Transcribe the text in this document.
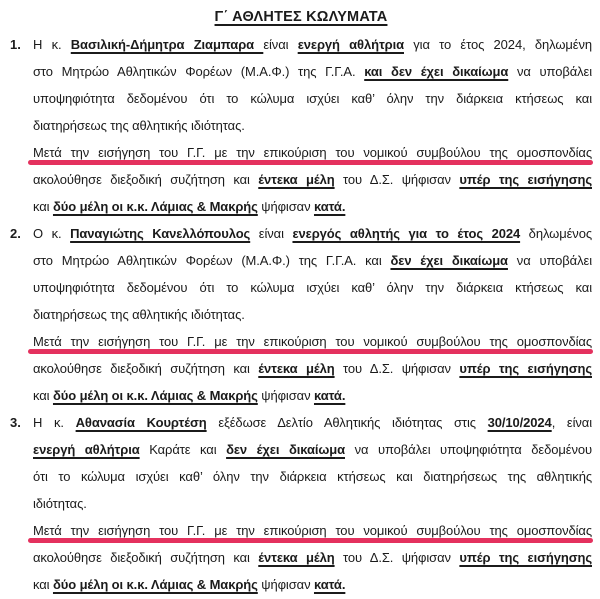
Γ΄ ΑΘΛΗΤΕΣ ΚΩΛΥΜΑΤΑ
1. Η κ. Βασιλική-Δήμητρα Ζιαμπαρα είναι ενεργή αθλήτρια για το έτος 2024, δηλωμένη
στο Μητρώο Αθλητικών Φορέων (Μ.Α.Φ.) της Γ.Γ.Α. και δεν έχει δικαίωμα να υποβάλει
υποψηφιότητα δεδομένου ότι το κώλυμα ισχύει καθ’ όλην την διάρκεια κτήσεως και
διατηρήσεως της αθλητικής ιδιότητας.
Μετά την εισήγηση του Γ.Γ. με την επικούριση του νομικού συμβούλου της ομοσπονδίας
ακολούθησε διεξοδική συζήτηση και έντεκα μέλη του Δ.Σ. ψήφισαν υπέρ της εισήγησης
και δύο μέλη οι κ.κ. Λάμιας & Μακρής ψήφισαν κατά.
2. Ο κ. Παναγιώτης Κανελλόπουλος είναι ενεργός αθλητής για το έτος 2024 δηλωμένος
στο Μητρώο Αθλητικών Φορέων (Μ.Α.Φ.) της Γ.Γ.Α. και δεν έχει δικαίωμα να υποβάλει
υποψηφιότητα δεδομένου ότι το κώλυμα ισχύει καθ’ όλην την διάρκεια κτήσεως και
διατηρήσεως της αθλητικής ιδιότητας.
Μετά την εισήγηση του Γ.Γ. με την επικούριση του νομικού συμβούλου της ομοσπονδίας
ακολούθησε διεξοδική συζήτηση και έντεκα μέλη του Δ.Σ. ψήφισαν υπέρ της εισήγησης
και δύο μέλη οι κ.κ. Λάμιας & Μακρής ψήφισαν κατά.
3. Η κ. Αθανασία Κουρτέση εξέδωσε Δελτίο Αθλητικής ιδιότητας στις 30/10/2024, είναι
ενεργή αθλήτρια Καράτε και δεν έχει δικαίωμα να υποβάλει υποψηφιότητα δεδομένου
ότι το κώλυμα ισχύει καθ’ όλην την διάρκεια κτήσεως και διατηρήσεως της αθλητικής
ιδιότητας.
Μετά την εισήγηση του Γ.Γ. με την επικούριση του νομικού συμβούλου της ομοσπονδίας
ακολούθησε διεξοδική συζήτηση και έντεκα μέλη του Δ.Σ. ψήφισαν υπέρ της εισήγησης
και δύο μέλη οι κ.κ. Λάμιας & Μακρής ψήφισαν κατά.
